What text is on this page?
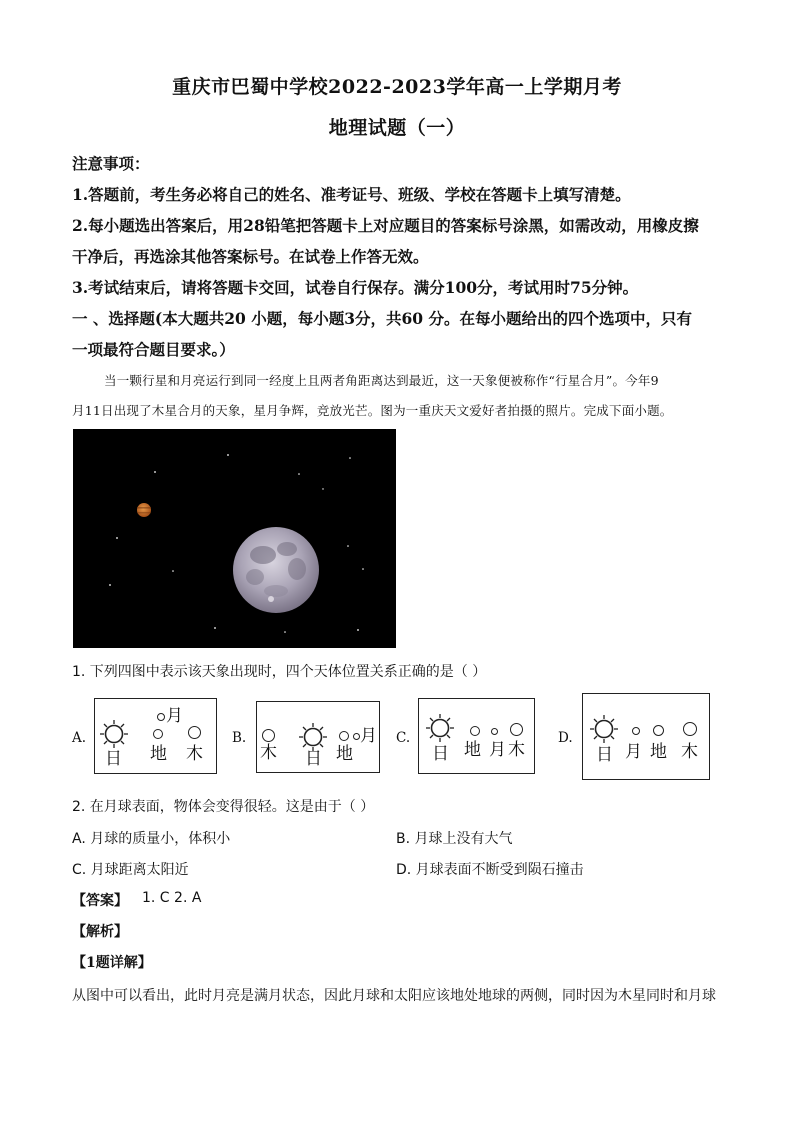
重庆市巴蜀中学校2022-2023学年高一上学期月考
地理试题（一）
注意事项：
1.答题前，考生务必将自己的姓名、准考证号、班级、学校在答题卡上填写清楚。
2.每小题选出答案后，用28铅笔把答题卡上对应题目的答案标号涂黑，如需改动，用橡皮擦
干净后，再选涂其他答案标号。在试卷上作答无效。
3.考试结束后，请将答题卡交回，试卷自行保存。满分100分，考试用时75分钟。
一 、选择题(本大题共20 小题，每小题3分，共60 分。在每小题给出的四个选项中，只有
一项最符合题目要求。）
当一颗行星和月亮运行到同一经度上且两者角距离达到最近，这一天象便被称作“行星合月”。今年9
月11日出现了木星合月的天象，星月争辉，竞放光芒。图为一重庆天文爱好者拍摄的照片。完成下面小题。
1. 下列四图中表示该天象出现时，四个天体位置关系正确的是（ ）
A.
日
月
地 木
B.
木 日 地
月 C.
日 地 月 木
D.
日 月 地 木
2. 在月球表面，物体会变得很轻。这是由于（ ）
A. 月球的质量小，体积小	B. 月球上没有大气
C. 月球距离太阳近	D. 月球表面不断受到陨石撞击
【答案】 1. C 2. A
【解析】
【1题详解】
从图中可以看出，此时月亮是满月状态，因此月球和太阳应该地处地球的两侧，同时因为木星同时和月球
